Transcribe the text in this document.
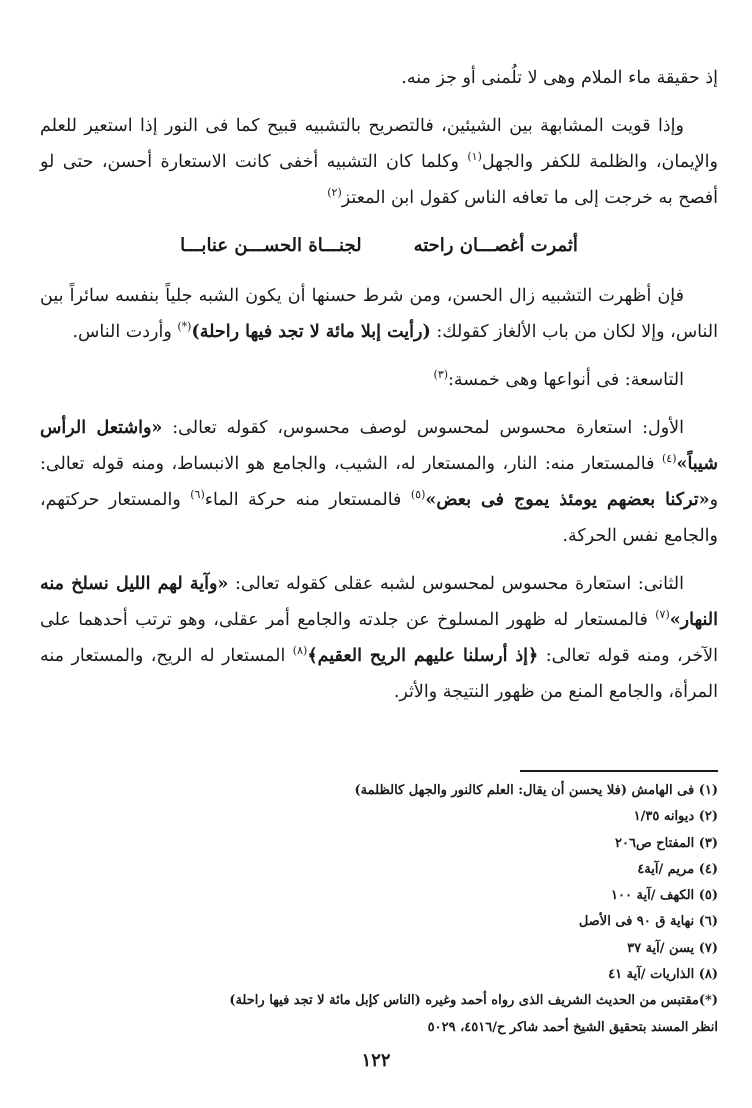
إذ حقيقة ماء الملام وهى لا تلُمنى أو جز منه.

وإذا قويت المشابهة بين الشيئين، فالتصريح بالتشبيه قبيح كما فى النور إذا استعير للعلم والإيمان، والظلمة للكفر والجهل$^{(١)}$ وكلما كان التشبيه أخفى كانت الاستعارة أحسن، حتى لو أفصح به خرجت إلى ما تعافه الناس كقول ابن المعتز$^{(٢)}$

أثمرت أغصـــان راحته
لجنـــاة الحســـن عنابـــا

فإن أظهرت التشبيه زال الحسن، ومن شرط حسنها أن يكون الشبه جلياً بنفسه سائراً بين الناس، وإلا لكان من باب الألغاز كقولك: (رأيت إبلا مائة لا تجد فيها راحلة)(*) وأردت الناس.

التاسعة: فى أنواعها وهى خمسة:$^{(٣)}$

الأول: استعارة محسوس لمحسوس لوصف محسوس، كقوله تعالى: «واشتعل الرأس شيباً»$^{(٤)}$ فالمستعار منه: النار، والمستعار له، الشيب، والجامع هو الانبساط، ومنه قوله تعالى: و«تركنا بعضهم يومئذ يموج فى بعض»$^{(٥)}$ فالمستعار منه حركة الماء$^{(٦)}$ والمستعار حركتهم، والجامع نفس الحركة.

الثانى: استعارة محسوس لمحسوس لشبه عقلى كقوله تعالى: «وآية لهم الليل نسلخ منه النهار»$^{(٧)}$ فالمستعار له ظهور المسلوخ عن جلدته والجامع أمر عقلى، وهو ترتب أحدهما على الآخر، ومنه قوله تعالى: ﴿إذ أرسلنا عليهم الريح العقيم﴾$^{(٨)}$ المستعار له الريح، والمستعار منه المرأة، والجامع المنع من ظهور النتيجة والأثر.

(١) فى الهامش (فلا يحسن أن يقال: العلم كالنور والجهل كالظلمة)
(٢) ديوانه ١/٣٥
(٣) المفتاح ص٢٠٦
(٤) مريم /آية٤
(٥) الكهف /آية ١٠٠
(٦) نهاية ق ٩٠ فى الأصل
(٧) يسن /آية ٣٧
(٨) الذاريات /آية ٤١
(*)مقتبس من الحديث الشريف الذى رواه أحمد وغيره (الناس كإبل مائة لا تجد فيها راحلة)
انظر المسند بتحقيق الشيخ أحمد شاكر ح/٤٥١٦، ٥٠٢٩
١٢٢
